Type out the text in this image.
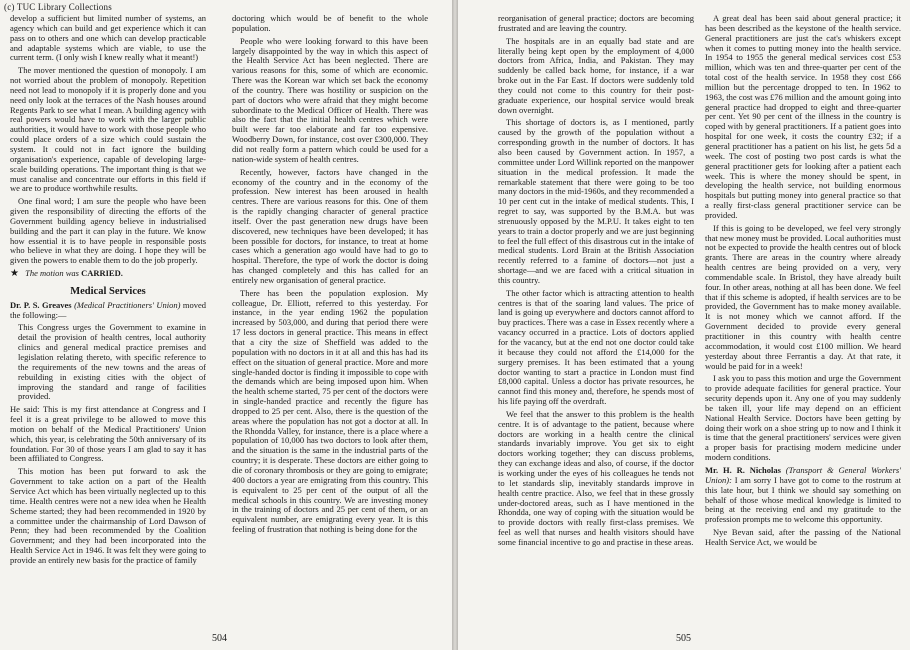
(c) TUC Library Collections

develop a sufficient but limited number of systems, an agency which can build and get experience which it can pass on to others and one which can develop practicable and adaptable systems which are viable, to use the current term. (I only wish I knew really what it meant!)

The mover mentioned the question of monopoly. I am not worried about the problem of monopoly. Repetition need not lead to monopoly if it is properly done and you need only look at the terraces of the Nash houses around Regents Park to see what I mean. A building agency with real powers would have to work with the larger public authorities, it would have to work with those people who could place orders of a size which could sustain the system. It could not in fact ignore the building organisation's experience, capable of developing large-scale building operations. The important thing is that we must canalise and concentrate our efforts in this field if we are to produce worthwhile results.

One final word; I am sure the people who have been given the responsibility of directing the efforts of the Government building agency believe in industrialised building and the part it can play in the future. We know how essential it is to have people in responsible posts who believe in what they are doing. I hope they will be given the powers to enable them to do the job properly.

★ The motion was CARRIED.

Medical Services

Dr. P. S. Greaves (Medical Practitioners' Union) moved the following:—

This Congress urges the Government to examine in detail the provision of health centres, local authority clinics and general medical practice premises and legislation relating thereto, with specific reference to the requirements of the new towns and the areas of rebuilding in existing cities with the object of improving the standard and range of facilities provided.

He said: This is my first attendance at Congress and I feel it is a great privilege to be allowed to move this motion on behalf of the Medical Practitioners' Union which, this year, is celebrating the 50th anniversary of its foundation. For 30 of those years I am glad to say it has been affiliated to Congress.

This motion has been put forward to ask the Government to take action on a part of the Health Service Act which has been virtually neglected up to this time. Health centres were not a new idea when he Health Scheme started; they had been recommended in 1920 by a committee under the chairmanship of Lord Dawson of Penn; they had been recommended by the Coalition Government; and they had been incorporated into the Health Service Act in 1946. It was felt they were going to provide an entirely new basis for the practice of family

doctoring which would be of benefit to the whole population.

People who were looking forward to this have been largely disappointed by the way in which this aspect of the Health Service Act has been neglected. There are various reasons for this, some of which are economic. There was the Korean war which set back the economy of the country. There was hostility or suspicion on the part of doctors who were afraid that they might become subordinate to the Medical Officer of Health. There was also the fact that the initial health centres which were built were far too elaborate and far too expensive. Woodberry Down, for instance, cost over £300,000. They did not really form a pattern which could be used for a nation-wide system of health centres.

Recently, however, factors have changed in the economy of the country and in the economy of the profession. New interest has been aroused in health centres. There are various reasons for this. One of them is the rapidly changing character of general practice itself. Over the past generation new drugs have been discovered, new techniques have been developed; it has been possible for doctors, for instance, to treat at home cases which a generation ago would have had to go to hospital. Therefore, the type of work the doctor is doing has changed completely and this has called for an entirely new organisation of general practice.

There has been the population explosion. My colleague, Dr. Elliott, referred to this yesterday. For instance, in the year ending 1962 the population increased by 503,000, and during that period there were 17 less doctors in general practice. This means in effect that a city the size of Sheffield was added to the population with no doctors in it at all and this has had its effect on the situation of general practice. More and more single-handed doctor is finding it impossible to cope with the demands which are being imposed upon him. When the health scheme started, 75 per cent of the doctors were in single-handed practice and recently the figure has dropped to 25 per cent. Also, there is the question of the areas where the population has not got a doctor at all. In the Rhondda Valley, for instance, there is a place where a population of 10,000 has two doctors to look after them, and the situation is the same in the industrial parts of the country; it is desperate. These doctors are either going to die of coronary thrombosis or they are going to emigrate; 400 doctors a year are emigrating from this country. This is equivalent to 25 per cent of the output of all the medical schools in this country. We are investing money in the training of doctors and 25 per cent of them, or an equivalent number, are emigrating every year. It is this feeling of frustration that nothing is being done for the

504

reorganisation of general practice; doctors are becoming frustrated and are leaving the country.

The hospitals are in an equally bad state and are literally being kept open by the employment of 4,000 doctors from Africa, India, and Pakistan. They may suddenly be called back home, for instance, if a war broke out in the Far East. If doctors were suddenly told they could not come to this country for their post-graduate experience, our hospital service would break down overnight.

This shortage of doctors is, as I mentioned, partly caused by the growth of the population without a corresponding growth in the number of doctors. It has also been caused by Government action. In 1957, a committee under Lord Willink reported on the manpower situation in the medical profession. It made the remarkable statement that there were going to be too many doctors in the mid-1960s, and they recommended a 10 per cent cut in the intake of medical students. This, I regret to say, was supported by the B.M.A. but was strenuously opposed by the M.P.U. It takes eight to ten years to train a doctor properly and we are just beginning to feel the full effect of this disastrous cut in the intake of medical students. Lord Brain at the British Association recently referred to a famine of doctors—not just a shortage—and we are faced with a critical situation in this country.

The other factor which is attracting attention to health centres is that of the soaring land values. The price of land is going up everywhere and doctors cannot afford to buy practices. There was a case in Essex recently where a vacancy occurred in a practice. Lots of doctors applied for the vacancy, but at the end not one doctor could take it because they could not afford the £14,000 for the surgery premises. It has been estimated that a young doctor wanting to start a practice in London must find £8,000 capital. Unless a doctor has private resources, he cannot find this money and, therefore, he spends most of his life paying off the overdraft.

We feel that the answer to this problem is the health centre. It is of advantage to the patient, because where doctors are working in a health centre the clinical standards invariably improve. You get six to eight doctors working together; they can discuss problems, they can exchange ideas and also, of course, if the doctor is working under the eyes of his colleagues he tends not to let standards slip, inevitably standards improve in health centre practice. Also, we feel that in these grossly under-doctored areas, such as I have mentioned in the Rhondda, one way of coping with the situation would be to provide doctors with really first-class premises. We feel as well that nurses and health visitors should have some financial incentive to go and practise in these areas.

A great deal has been said about general practice; it has been described as the keystone of the health service. General practitioners are just the cat's whiskers except when it comes to putting money into the health service. In 1954 to 1955 the general medical services cost £53 million, which was ten and three-quarter per cent of the total cost of the health service. In 1958 they cost £66 million but the percentage dropped to ten. In 1962 to 1963, the cost was £76 million and the amount going into general practice had dropped to eight and three-quarter per cent. Yet 90 per cent of the illness in the country is coped with by general practitioners. If a patient goes into hospital for one week, it costs the country £32; if a general practitioner has a patient on his list, he gets 5d a week. The cost of posting two post cards is what the general practitioner gets for looking after a patient each week. This is where the money should be spent, in developing the health service, not building enormous hospitals but putting money into general practice so that a really first-class general practitioner service can be provided.

If this is going to be developed, we feel very strongly that new money must be provided. Local authorities must not be expected to provide the health centres out of block grants. There are areas in the country where already health centres are being provided on a very, very commendable scale. In Bristol, they have already built four. In other areas, nothing at all has been done. We feel that if this scheme is adopted, if health services are to be provided, the Government has to make money available. It is not money which we cannot afford. If the Government decided to provide every general practitioner in this country with health centre accommodation, it would cost £100 million. We heard yesterday about three Ferrantis a day. At that rate, it would be paid for in a week!

I ask you to pass this motion and urge the Government to provide adequate facilities for general practice. Your security depends upon it. Any one of you may suddenly be taken ill, your life may depend on an efficient National Health Service. Doctors have been getting by doing their work on a shoe string up to now and I think it is time that the general practitioners' services were given a proper basis for practising modern medicine under modern conditions.

Mr. H. R. Nicholas (Transport & General Workers' Union): I am sorry I have got to come to the rostrum at this late hour, but I think we should say something on behalf of those whose medical knowledge is limited to being at the receiving end and my gratitude to the profession prompts me to welcome this opportunity.

Nye Bevan said, after the passing of the National Health Service Act, we would be

505
